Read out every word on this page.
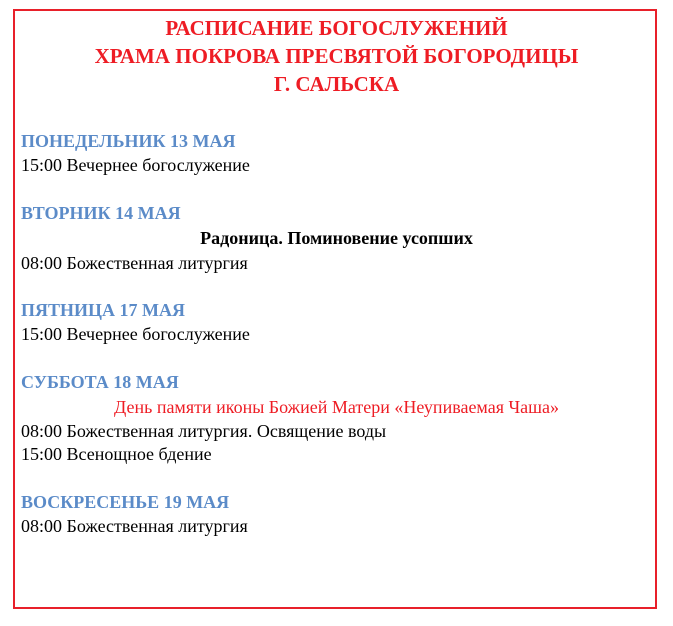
РАСПИСАНИЕ БОГОСЛУЖЕНИЙ
ХРАМА ПОКРОВА ПРЕСВЯТОЙ БОГОРОДИЦЫ
Г. САЛЬСКА
ПОНЕДЕЛЬНИК 13 МАЯ
15:00 Вечернее богослужение
ВТОРНИК 14 МАЯ
Радоница. Поминовение усопших
08:00 Божественная литургия
ПЯТНИЦА 17 МАЯ
15:00 Вечернее богослужение
СУББОТА 18 МАЯ
День памяти иконы Божией Матери «Неупиваемая Чаша»
08:00 Божественная литургия. Освящение воды
15:00 Всенощное бдение
ВОСКРЕСЕНЬЕ 19 МАЯ
08:00 Божественная литургия
